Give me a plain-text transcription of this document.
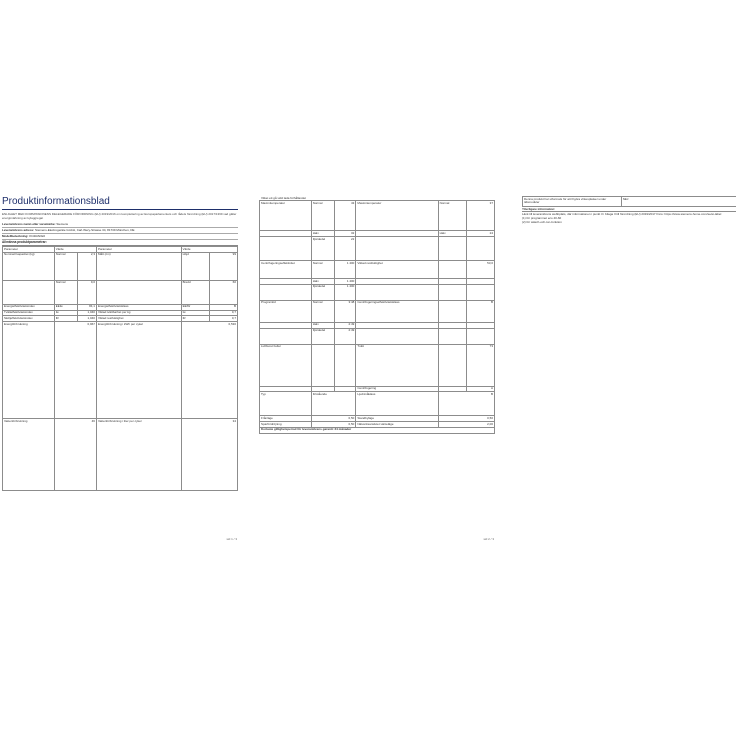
Produktinformationsblad
ENLIGHET MED KOMMISSIONENS DELEGERADE FÖRORDNING (EU) 2019/2016 om komplettering av Europaparlamentets och rådets förordning (EU) 2017/1369 vad gäller energimärkning av kylaggregat
Leverantörens namn eller varumärke: Siemens
Leverantörens adress: Siemens-Electrogeräte GmbH, Carl-Wery-Strasse 34, 81739 München, DE
Modellbeteckning: KI41RAFE0
Allmänna produktparametrar:
Parameter	Värde		Parameter	Värde	
Nominell kapacitet (kg)	Normal	2,3	Mått (cm)	Höjd	99
	Normal	9,0		Bredd	60
Energieffektivitetsindex	EEIw	84,1	Energieffektivitetsklass	EEIW	B
Tvätteffektivitetsindex	Iw	1,040	Viktad tvättbarhet per kg	Iw	0,7
Sköljeffektivitetsindex	IR	1,040	Viktad restfuktighet	IR	0,7
Energiförbrukning	0,967		Energiförbrukning i kWh per cykel	0,530	
Vattenförbrukning	46		Vattenförbrukning i liter per cykel	34	
sid 1 / 3
Vilket ett gå vidd lada förhållandet
Maximitemperatur	Normal	43	Maximitemperatur	Normal	37
	Halv	32		Halv	24
	Fjärdedel	22			
Centrifugeringseffektivitet	Normal	1 400	Viktad restfuktighet		53,0
	Halv	1 400			
	Fjärdedel	1 400			
Programtid	Normal	3:48	Centrifugeringseffektivitetsklass		B
	Halv	2:49			
	Fjärdedel	2:49			
Luftburet buller			Tvätt		73
			Centrifugering		A
Typ	Fristående		Ljudnivåklass	B	
Frånläge	0,50		Standbyläge	0,50	
Sparfördröjning	0,50		Nätverksanslutet vänteläge	2,00	
Kortaste giltighetsperiod för leverantörens garanti: 24 månader					
sid 2 / 3
Denna produkt har utformats för att frigöra virkesplatser under tidsmoduler	NEJ
Ytterligare information:
Länk till leverantörens webbplats, där informationen i punkt 3 i bilaga II till förordning (EU) 2019/2017 finns: https://www.siemens-home.com/se/ei-label
(1) för programmet eco 40-60
(2) för wäsch-och-ton-funktion
